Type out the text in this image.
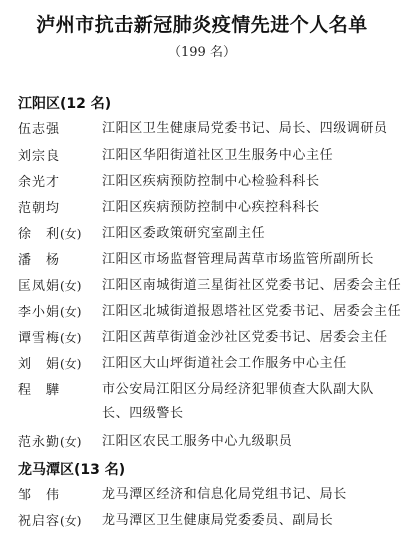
泸州市抗击新冠肺炎疫情先进个人名单
（199 名）
江阳区(12 名)
伍志强	江阳区卫生健康局党委书记、局长、四级调研员
刘宗良	江阳区华阳街道社区卫生服务中心主任
余光才	江阳区疾病预防控制中心检验科科长
范朝均	江阳区疾病预防控制中心疾控科科长
徐　利(女)	江阳区委政策研究室副主任
潘　杨	江阳区市场监督管理局茜草市场监管所副所长
匡凤娟(女)	江阳区南城街道三星街社区党委书记、居委会主任
李小娟(女)	江阳区北城街道报恩塔社区党委书记、居委会主任
谭雪梅(女)	江阳区茜草街道金沙社区党委书记、居委会主任
刘　娟(女)	江阳区大山坪街道社会工作服务中心主任
程　驊	市公安局江阳区分局经济犯罪侦查大队副大队长、四级警长
范永勤(女)	江阳区农民工服务中心九级职员
龙马潭区(13 名)
邹　伟	龙马潭区经济和信息化局党组书记、局长
祝启容(女)	龙马潭区卫生健康局党委委员、副局长
